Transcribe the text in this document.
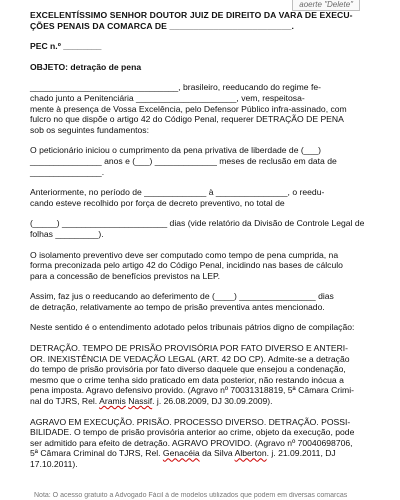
aoerte "Delete"

EXCELENTÍSSIMO SENHOR DOUTOR JUIZ DE DIREITO DA VARA DE EXECU-

ÇÕES PENAIS DA COMARCA DE _________________________.

PEC n.º ________

OBJETO: detração de pena

_______________________________, brasileiro, reeducando do regime fe-

chado junto a Penitenciária _____________________, vem, respeitosa-

mente à presença de Vossa Excelência, pelo Defensor Público infra-assinado, com

fulcro no que dispõe o artigo 42 do Código Penal, requerer DETRAÇÃO DE PENA

sob os seguintes fundamentos:

O peticionário iniciou o cumprimento da pena privativa de liberdade de (___)

_______________ anos e (___) _____________ meses de reclusão em data de

_______________.

Anteriormente, no período de _____________ à _______________, o reedu-

cando esteve recolhido por força de decreto preventivo, no total de

(_____) ______________________ dias (vide relatório da Divisão de Controle Legal de

folhas _________).

O isolamento preventivo deve ser computado como tempo de pena cumprida, na

forma preconizada pelo artigo 42 do Código Penal, incidindo nas bases de cálculo

para a concessão de benefícios previstos na LEP.

Assim, faz jus o reeducando ao deferimento de (____) ________________ dias

de detração, relativamente ao tempo de prisão preventiva antes mencionado.

Neste sentido é o entendimento adotado pelos tribunais pátrios digno de compilação:

DETRAÇÃO. TEMPO DE PRISÃO PROVISÓRIA POR FATO DIVERSO E ANTERI-

OR. INEXISTÊNCIA DE VEDAÇÃO LEGAL (ART. 42 DO CP). Admite-se a detração

do tempo de prisão provisória por fato diverso daquele que ensejou a condenação,

mesmo que o crime tenha sido praticado em data posterior, não restando inócua a

pena imposta. Agravo defensivo provido. (Agravo nº 70031318819, 5ª Câmara Crimi-

nal do TJRS, Rel. Aramis Nassif. j. 26.08.2009, DJ 30.09.2009).

AGRAVO EM EXECUÇÃO. PRISÃO. PROCESSO DIVERSO. DETRAÇÃO. POSSI-

BILIDADE. O tempo de prisão provisória anterior ao crime, objeto da execução, pode

ser admitido para efeito de detração. AGRAVO PROVIDO. (Agravo nº 70040698706,

5ª Câmara Criminal do TJRS, Rel. Genacéia da Silva Alberton. j. 21.09.2011, DJ

17.10.2011).

Nota: O acesso gratuito a Advogado Fácil à de modelos utilizados que podem em diversas comarcas
